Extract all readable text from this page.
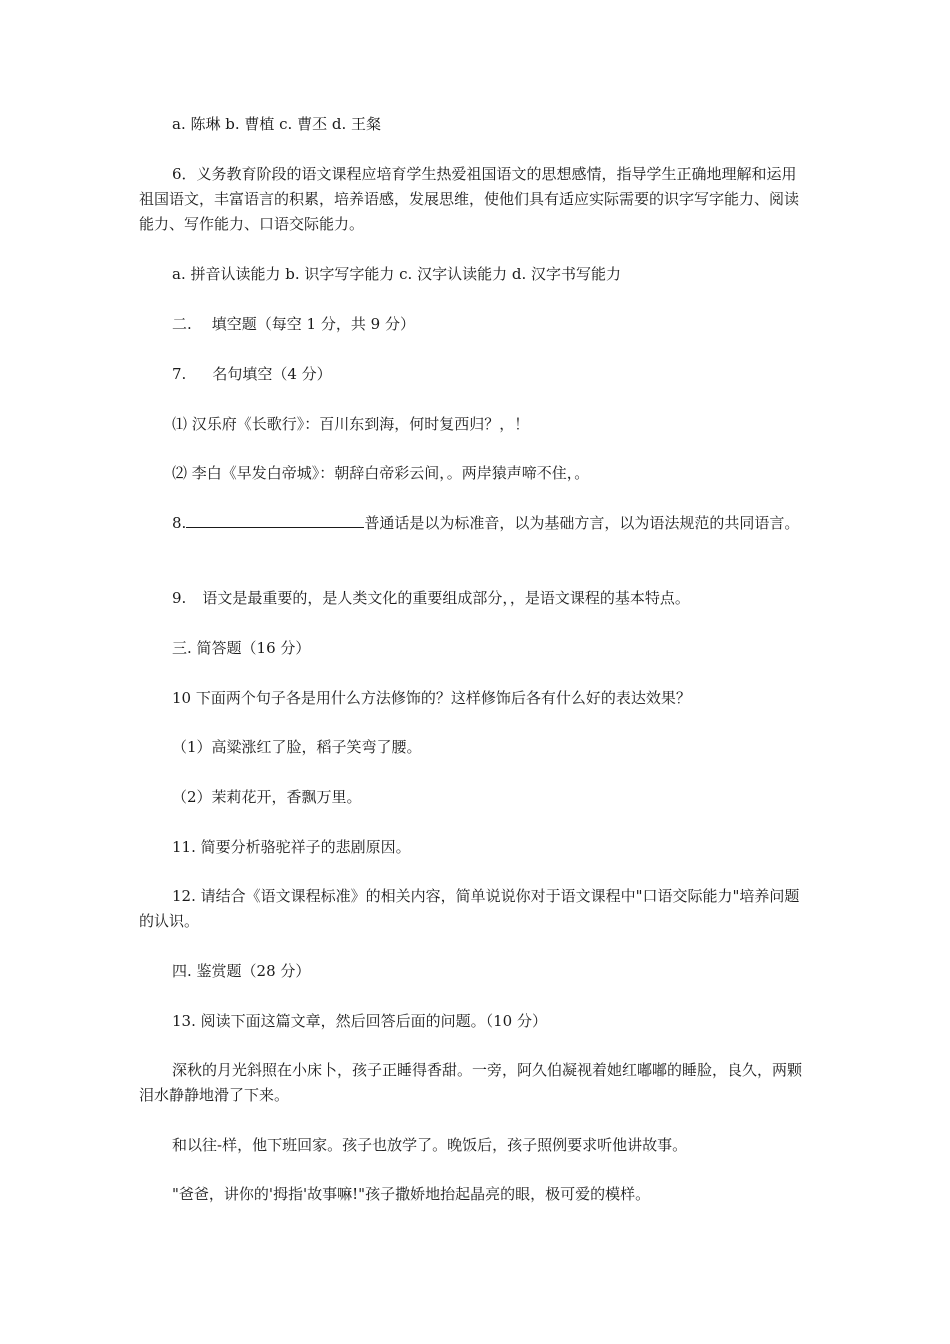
a. 陈琳 b. 曹植 c. 曹丕 d. 王粲

6．义务教育阶段的语文课程应培育学生热爱祖国语文的思想感情，指导学生正确地理解和运用祖国语文，丰富语言的积累，培养语感，发展思维，使他们具有适应实际需要的识字写字能力、阅读能力、写作能力、口语交际能力。

a. 拼音认读能力 b. 识字写字能力 c. 汉字认读能力 d. 汉字书写能力

二. 填空题（每空 1 分，共 9 分）

7. 名句填空（4 分）

⑴ 汉乐府《长歌行》：百川东到海，何时复西归？，！

⑵ 李白《早发白帝城》：朝辞白帝彩云间，。两岸猿声啼不住，。

8.	普通话是以为标准音，以为基础方言，以为语法规范的共同语言。

9. 语文是最重要的，是人类文化的重要组成部分，，是语文课程的基本特点。

三. 简答题（16 分）

10 下面两个句子各是用什么方法修饰的？这样修饰后各有什么好的表达效果？

（1）高粱涨红了脸，稻子笑弯了腰。

（2）茉莉花开，香飘万里。

11. 简要分析骆驼祥子的悲剧原因。

12. 请结合《语文课程标准》的相关内容，简单说说你对于语文课程中"口语交际能力"培养问题的认识。

四. 鉴赏题（28 分）

13. 阅读下面这篇文章，然后回答后面的问题。（10 分）

深秋的月光斜照在小床卜，孩子正睡得香甜。一旁，阿久伯凝视着她红嘟嘟的睡脸，良久，两颗泪水静静地滑了下来。

和以往-样，他下班回家。孩子也放学了。晚饭后，孩子照例要求听他讲故事。

"爸爸，讲你的'拇指'故事嘛!"孩子撒娇地抬起晶亮的眼，极可爱的模样。
